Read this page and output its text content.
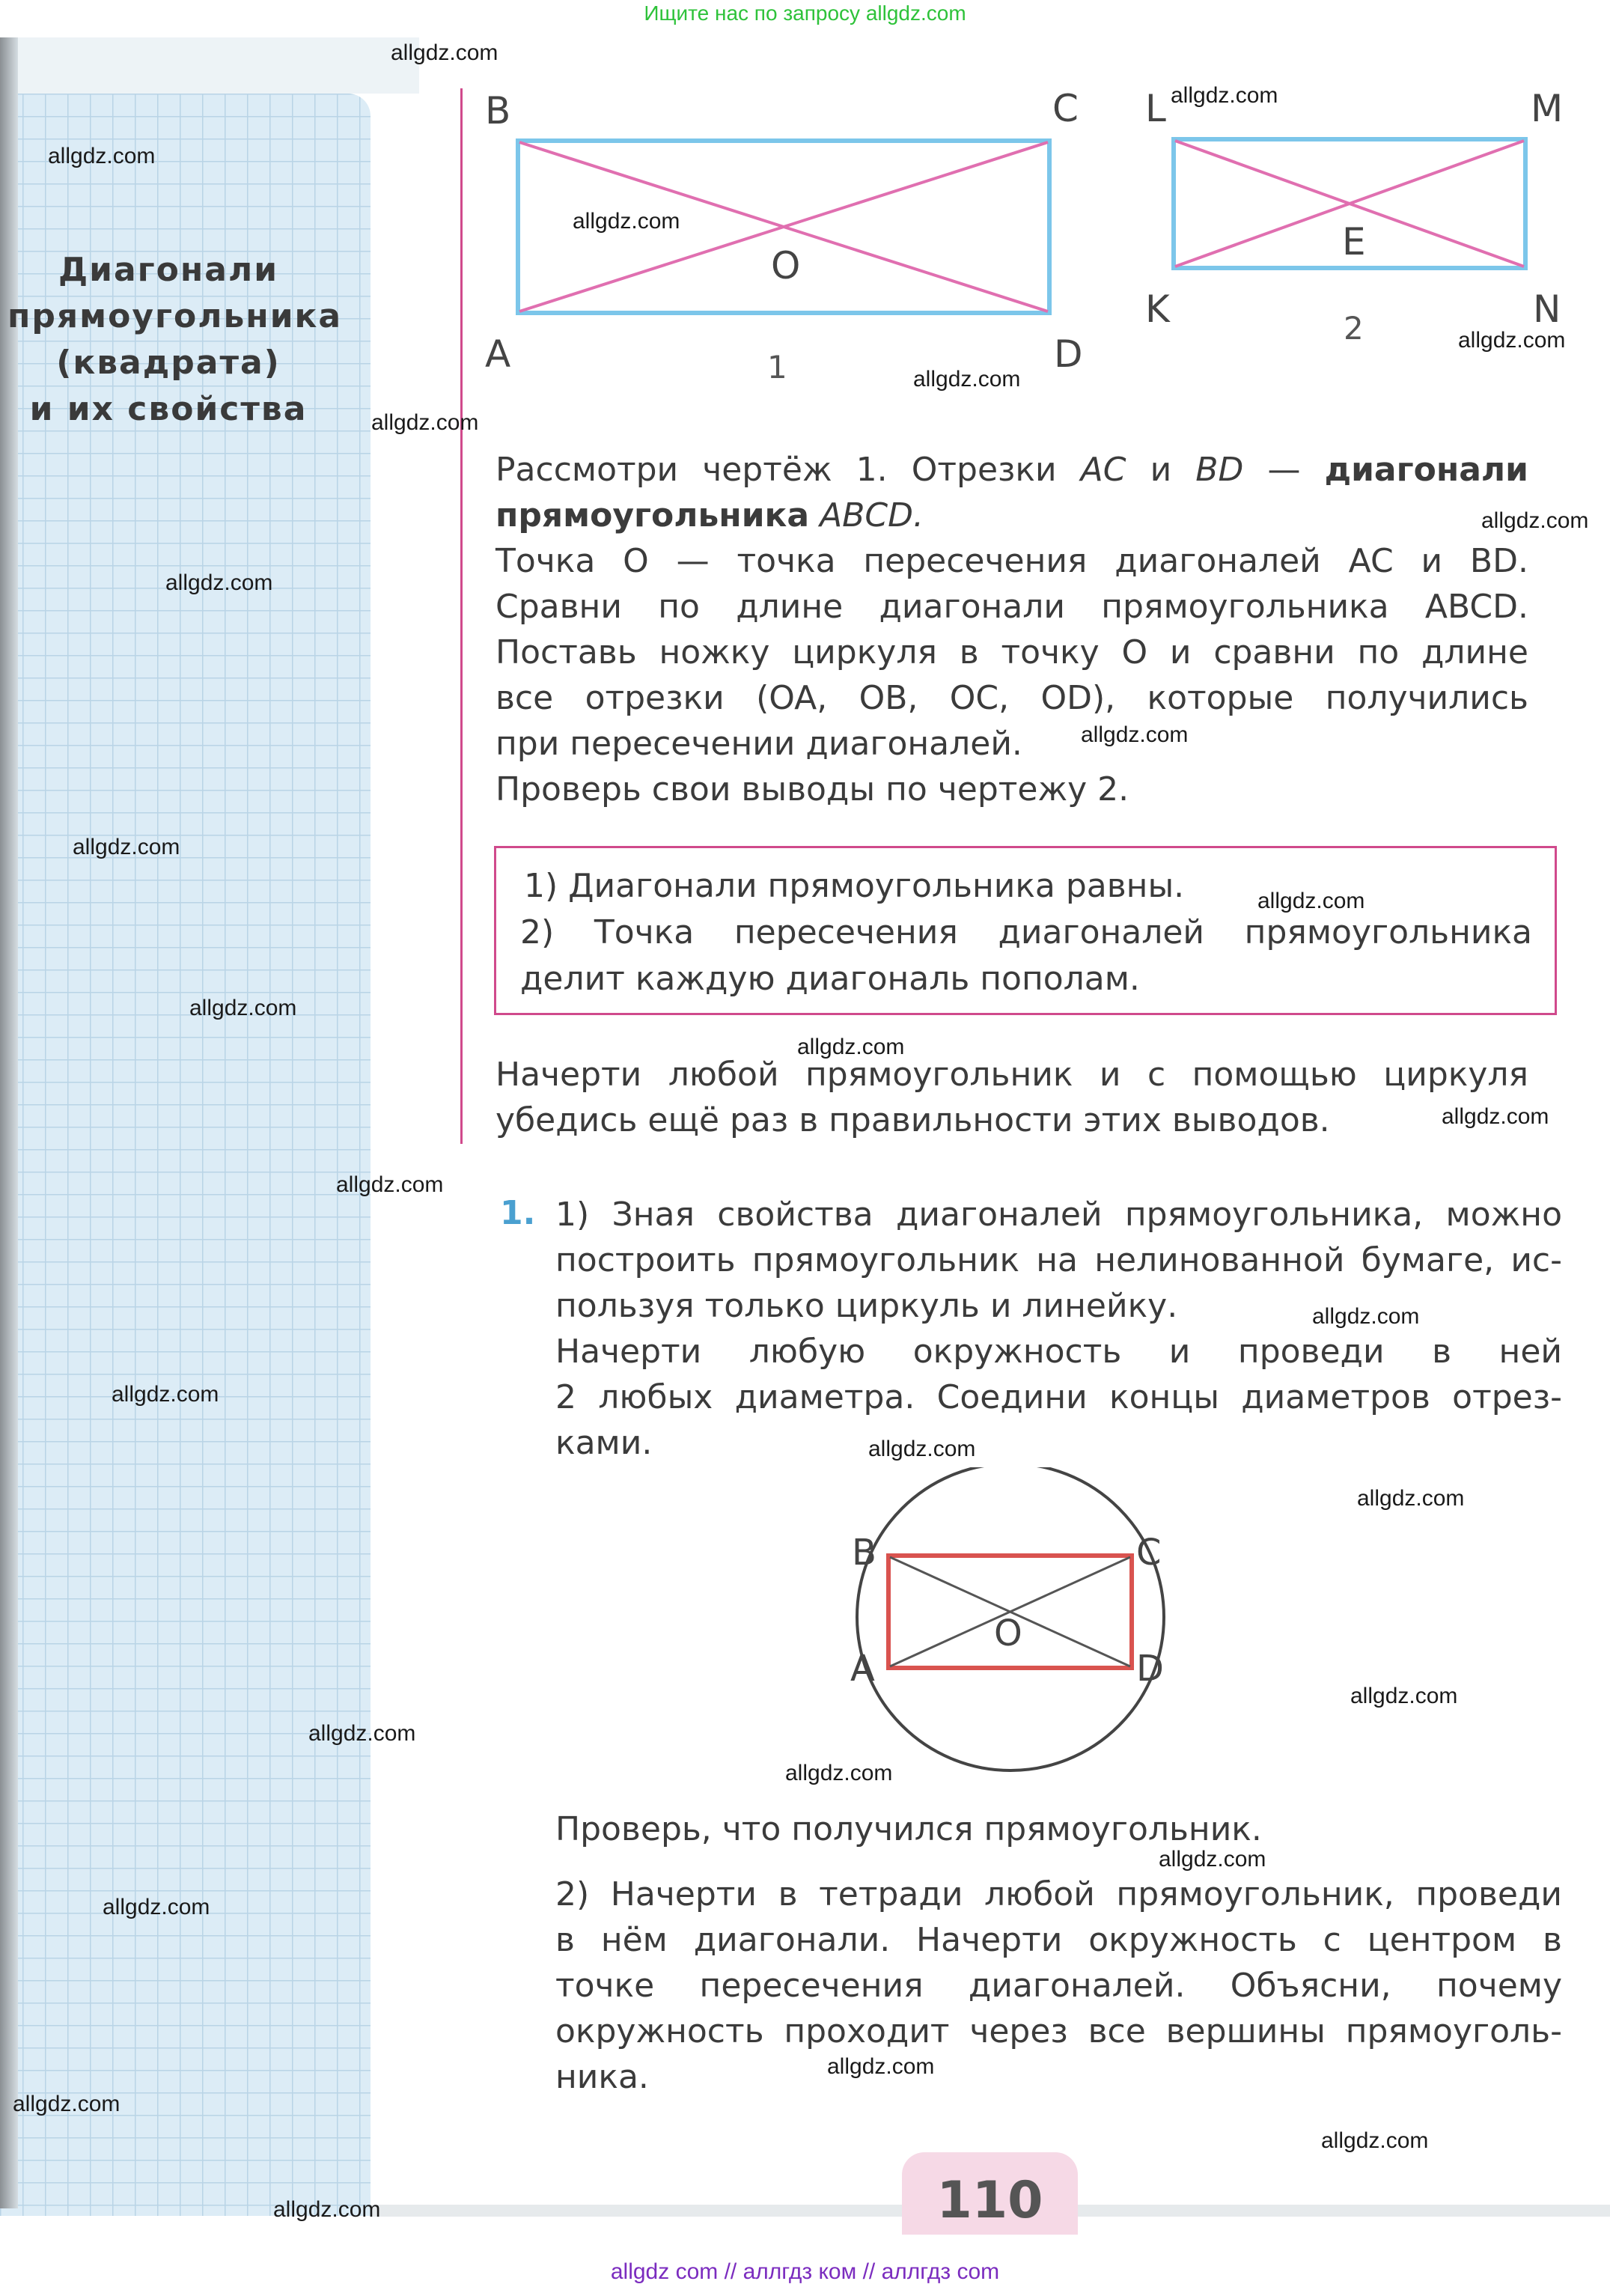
Ищите нас по запросу allgdz.com
Диагонали
прямоугольника
(квадрата)
и их свойства
B	C
A	D
O
1
L	M
K	N
E
2
Рассмотри чертёж 1. Отрезки AC и BD — диагонали
прямоугольника ABCD.
Точка O — точка пересечения диагоналей AC и BD.
Сравни по длине диагонали прямоугольника ABCD.
Поставь ножку циркуля в точку O и сравни по длине
все отрезки (OA, OB, OC, OD), которые получились
при пересечении диагоналей.
Проверь свои выводы по чертежу 2.
1) Диагонали прямоугольника равны.
2) Точка пересечения диагоналей прямоугольника
делит каждую диагональ пополам.
Начерти любой прямоугольник и с помощью циркуля
убедись ещё раз в правильности этих выводов.
1. 1) Зная свойства диагоналей прямоугольника, можно
построить прямоугольник на нелинованной бумаге, ис-
пользуя только циркуль и линейку.
Начерти любую окружность и проведи в ней
2 любых диаметра. Соедини концы диаметров отрез-
ками.
B	C
A	D
O
Проверь, что получился прямоугольник.
2) Начерти в тетради любой прямоугольник, проведи
в нём диагонали. Начерти окружность с центром в
точке пересечения диагоналей. Объясни, почему
окружность проходит через все вершины прямоуголь-
ника.
110
allgdz.com
allgdz.com
allgdz.com
allgdz.com
allgdz.com
allgdz.com
allgdz.com
allgdz.com
allgdz.com
allgdz.com
allgdz.com
allgdz.com
allgdz.com
allgdz.com
allgdz.com
allgdz.com
allgdz.com
allgdz.com
allgdz.com
allgdz.com
allgdz.com
allgdz.com
allgdz.com
allgdz.com
allgdz.com
allgdz.com
allgdz.com
allgdz.com
allgdz.com
allgdz com // аллгдз ком // аллгдз com
